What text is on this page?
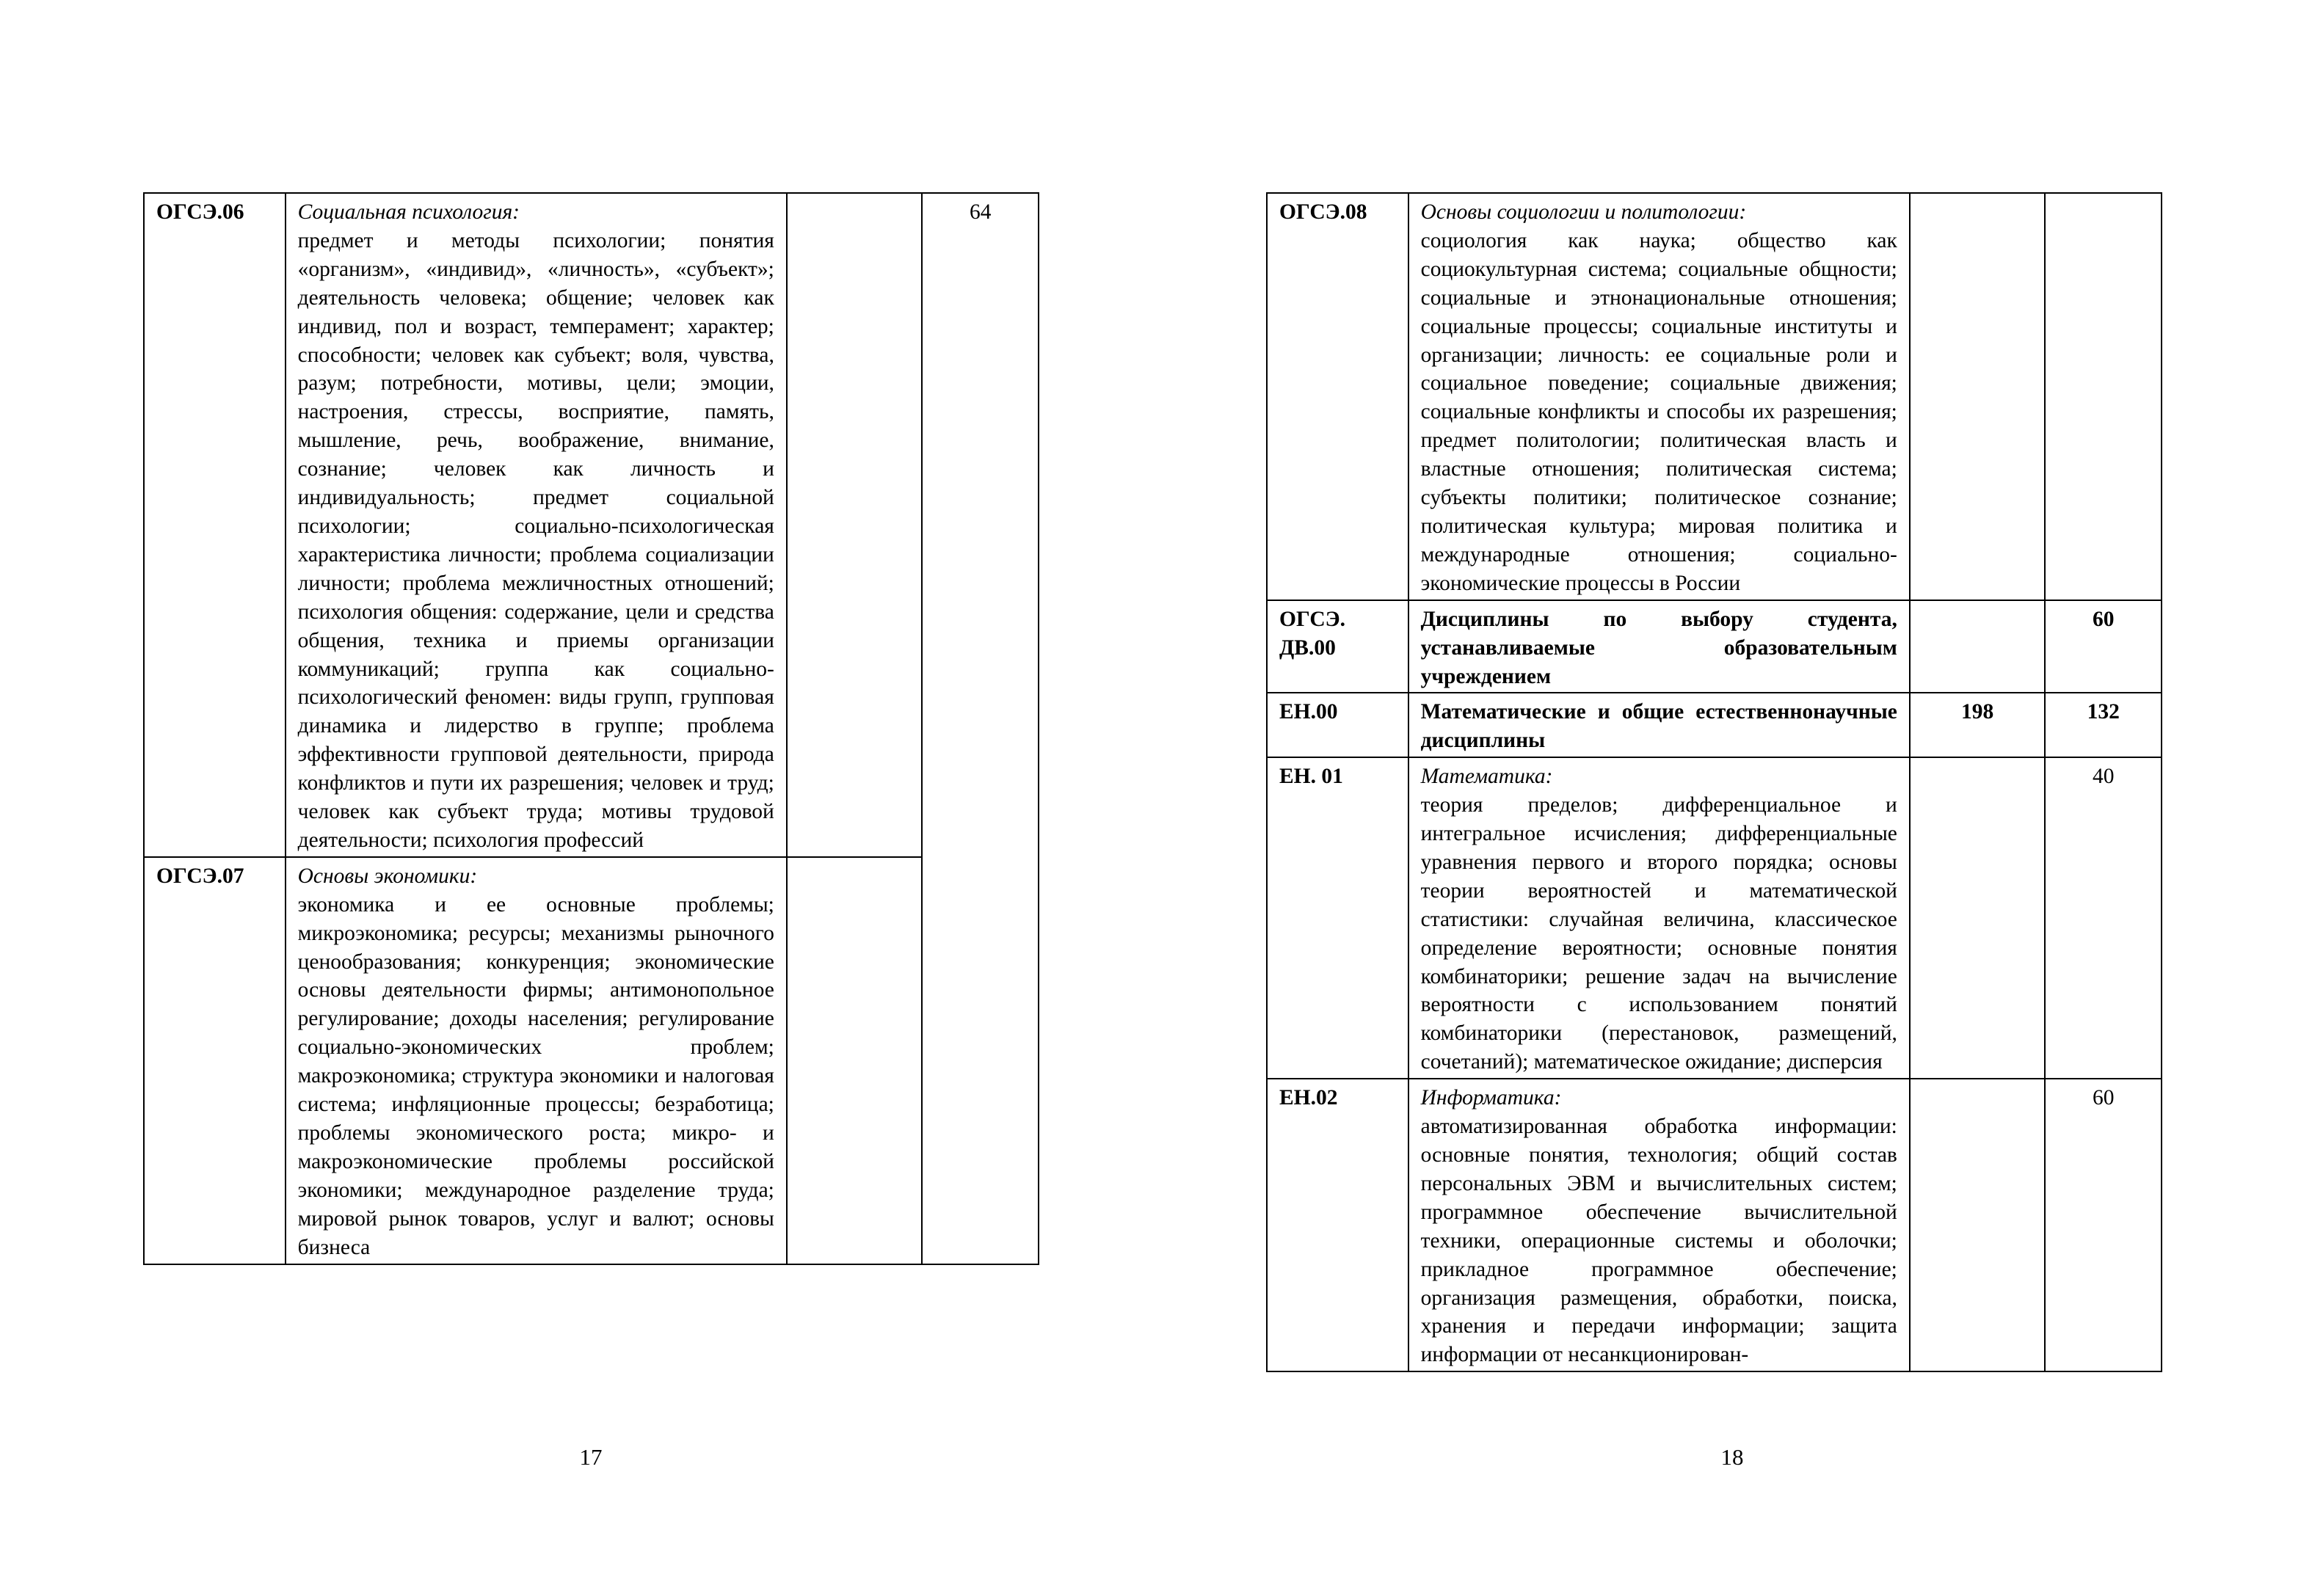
ОГСЭ.06	Социальная психология:
предмет и методы психологии; понятия «организм», «индивид», «личность», «субъект»; деятельность человека; общение; человек как индивид, пол и возраст, темперамент; характер; способности; человек как субъект; воля, чувства, разум; потребности, мотивы, цели; эмоции, настроения, стрессы, восприятие, память, мышление, речь, воображение, внимание, сознание; человек как личность и индивидуальность; предмет социальной психологии; социально-психологическая характеристика личности; проблема социализации личности; проблема межличностных отношений; психология общения: содержание, цели и средства общения, техника и приемы организации коммуникаций; группа как социально-психологический феномен: виды групп, групповая динамика и лидерство в группе; проблема эффективности групповой деятельности, природа конфликтов и пути их разрешения; человек и труд; человек как субъект труда; мотивы трудовой деятельности; психология профессий		64
ОГСЭ.07	Основы экономики:
экономика и ее основные проблемы; микроэкономика; ресурсы; механизмы рыночного ценообразования; конкуренция; экономические основы деятельности фирмы; антимонопольное регулирование; доходы населения; регулирование социально-экономических проблем; макроэкономика; структура экономики и налоговая система; инфляционные процессы; безработица; проблемы экономического роста; микро- и макроэкономические проблемы российской экономики; международное разделение труда; мировой рынок товаров, услуг и валют; основы бизнеса		

17
ОГСЭ.08	Основы социологии и политологии:
социология как наука; общество как социокультурная система; социальные общности; социальные и этнонациональные отношения; социальные процессы; социальные институты и организации; личность: ее социальные роли и социальное поведение; социальные движения; социальные конфликты и способы их разрешения; предмет политологии; политическая власть и властные отношения; политическая система; субъекты политики; политическое сознание; политическая культура; мировая политика и международные отношения; социально-экономические процессы в России		

ОГСЭ. ДВ.00	Дисциплины по выбору студента, устанавливаемые образовательным учреждением		60
ЕН.00	Математические и общие естественнонаучные дисциплины	198	132
ЕН. 01	Математика:
теория пределов; дифференциальное и интегральное исчисления; дифференциальные уравнения первого и второго порядка; основы теории вероятностей и математической статистики: случайная величина, классическое определение вероятности; основные понятия комбинаторики; решение задач на вычисление вероятности с использованием понятий комбинаторики (перестановок, размещений, сочетаний); математическое ожидание; дисперсия		40
ЕН.02	Информатика:
автоматизированная обработка информации: основные понятия, технология; общий состав персональных ЭВМ и вычислительных систем; программное обеспечение вычислительной техники, операционные системы и оболочки; прикладное программное обеспечение; организация размещения, обработки, поиска, хранения и передачи информации; защита информации от несанкционирован-		60
18
